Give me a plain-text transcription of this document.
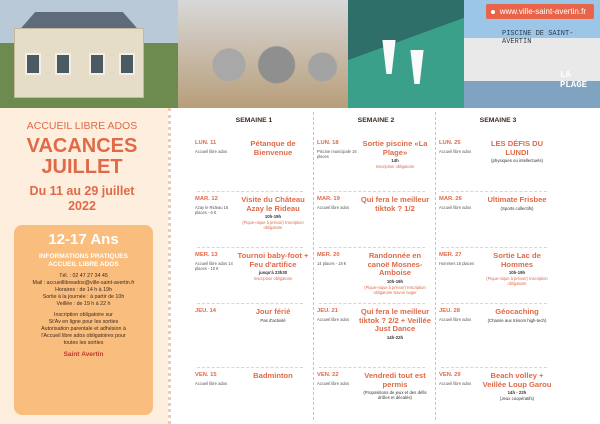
PISCINE DE SAINT-AVERTIN
LA PLAGE
www.ville-saint-avertin.fr
ACCUEIL LIBRE ADOS
VACANCES
JUILLET
Du 11 au 29 juillet
2022
12-17 Ans
INFORMATIONS PRATIQUES
ACCUEIL LIBRE ADOS
Tél. : 02 47 27 34 45
Mail : accueillibreados@ville-saint-avertin.fr
Horaires : de 14 h à 19h
Sortie à la journée : à partir de 10h
Veillée : de 19 h à 22 h
Inscription obligatoire sur
St'Av en ligne pour les sorties
Autorisation parentale et adhésion à
l'Accueil libre ados obligatoires pour
toutes les sorties
Saint Avertin
SEMAINE 1
LUN. 11
Accueil libre ados
Pétanque de Bienvenue
MAR. 12
Azay le Rideau 16 places - 6 €
Visite du Château Azay le Rideau
10h-19h
(Pique-nique à prévoir) Inscription obligatoire
MER. 13
Accueil libre ados 14 places - 10 €
Tournoi baby-foot + Feu d'artifice
jusqu'à 23h30
Inscription obligatoire
JEU. 14	Jour férié
Pas d'activité
VEN. 15
Accueil libre ados
Badminton
SEMAINE 2
LUN. 18
Piscine municipale 16 places
Sortie piscine «La Plage»
14h
Inscription obligatoire
MAR. 19
Accueil libre ados
Qui fera le meilleur tiktok ? 1/2
MER. 20
14 places - 18 €
Randonnée en canoë Mosnes-Amboise
10h-19h
(Pique-nique à prévoir) Inscription obligatoire Savoir nager
JEU. 21
Accueil libre ados
Qui fera le meilleur tiktok ? 2/2 + Veillée Just Dance
14h-22h
VEN. 22
Accueil libre ados
Vendredi tout est permis
(Propositions de jeux et des défis drôles et décalés)
SEMAINE 3
LUN. 25
Accueil libre ados
LES DÉFIS DU LUNDI
(physiques ou intellectuels)
MAR. 26
Accueil libre ados
Ultimate Frisbee
(Sports collectifs)
MER. 27
Hommes 16 places
Sortie Lac de Hommes
10h-19h
(Pique-nique à prévoir) Inscription obligatoire
JEU. 28
Accueil libre ados
Géocaching
(Chasse aux trésors high-tech)
VEN. 29
Accueil libre ados
Beach volley + Veillée Loup Garou
14h - 22h
(Jeux coopératifs)
